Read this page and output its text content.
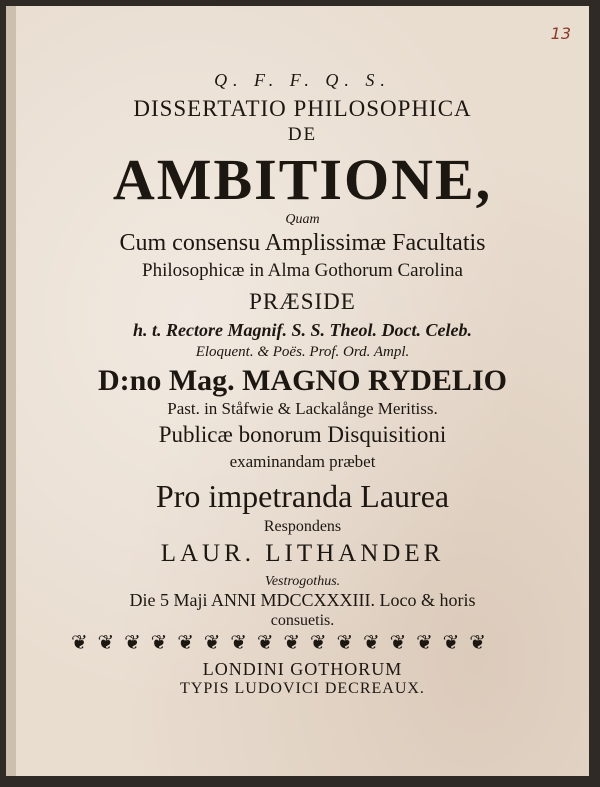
13
Q. F. F. Q. S.
DISSERTATIO PHILOSOPHICA
DE
AMBITIONE,
Quam
Cum consensu Amplissimæ Facultatis
Philosophicæ in Alma Gothorum Carolina
PRÆSIDE
h. t. Rectore Magnif. S. S. Theol. Doct. Celeb.
Eloquent. & Poës. Prof. Ord. Ampl.
D:no Mag. MAGNO RYDELIO
Past. in Ståfwie & Lackalånge Meritiss.
Publicæ bonorum Disquisitioni
examinandam præbet
Pro impetranda Laurea
Respondens
LAUR. LITHANDER
Vestrogothus.
Die 5 Maji ANNI MDCCXXXIII. Loco & horis
consuetis.
❦ ❦ ❦ ❦ ❦ ❦ ❦ ❦ ❦ ❦ ❦ ❦ ❦ ❦ ❦ ❦
LONDINI GOTHORUM
TYPIS LUDOVICI DECREAUX.
